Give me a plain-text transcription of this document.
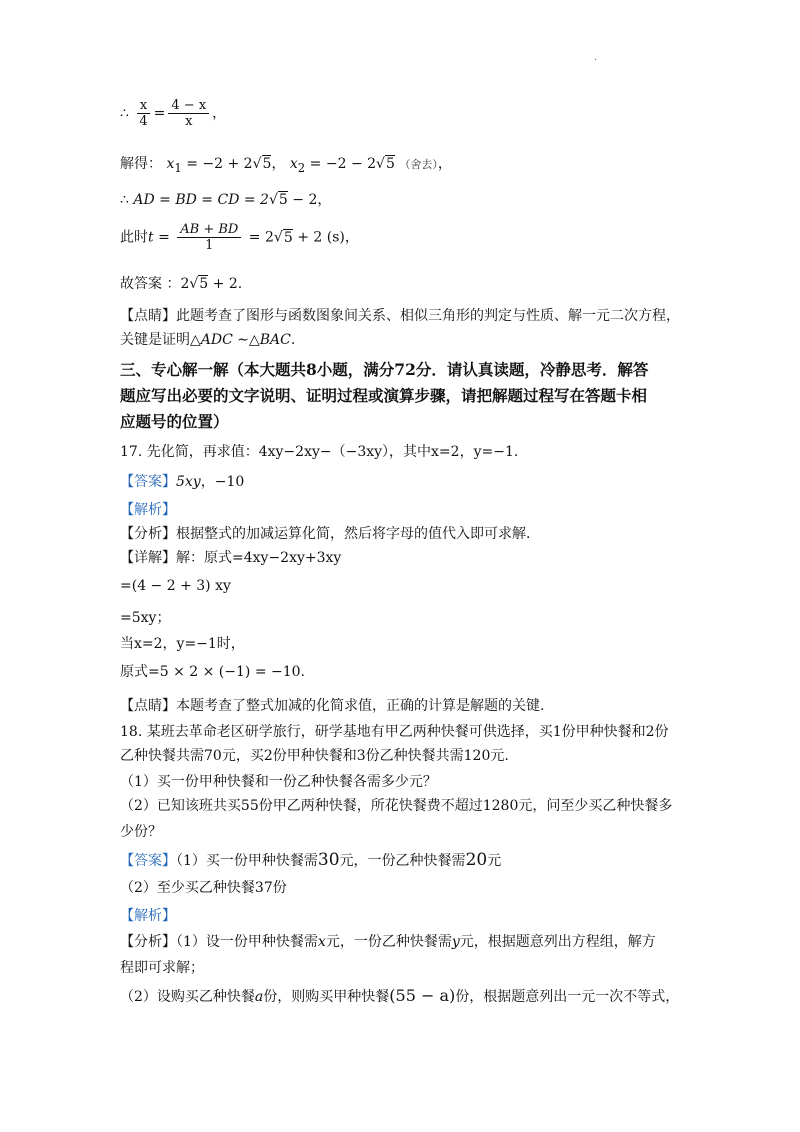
.
∴ $\frac{x}{4} = \frac{4 - x}{x}$ ，
解得： $x_1 = -2 + 2√5$， $x_2 = -2 - 2√5$ （舍去），
∴ AD = BD = CD = 2√5 − 2，
此时$t = \frac{AB + BD}{1} = 2√5 + 2$ (s)，
故答案 ：2√5 + 2.
【点睛】此题考查了图形与函数图象间关系、相似三角形的判定与性质、解一元二次方程，
关键是证明△ADC ∼△BAC.
三、专心解一解（本大题共8小题，满分72分．请认真读题，冷静思考．解答
题应写出必要的文字说明、证明过程或演算步骤，请把解题过程写在答题卡相
应题号的位置）
17. 先化简，再求值：4xy−2xy−（−3xy），其中x=2，y=−1.
【答案】5xy，−10
【解析】
【分析】根据整式的加减运算化简，然后将字母的值代入即可求解.
【详解】解：原式=4xy−2xy+3xy
=(4 − 2 + 3) xy
=5xy；
当x=2，y=−1时，
原式=5 × 2 × (−1) = −10.
【点睛】本题考查了整式加减的化简求值，正确的计算是解题的关键.
18. 某班去革命老区研学旅行，研学基地有甲乙两种快餐可供选择，买1份甲种快餐和2份
乙种快餐共需70元，买2份甲种快餐和3份乙种快餐共需120元.
（1）买一份甲种快餐和一份乙种快餐各需多少元？
（2）已知该班共买55份甲乙两种快餐，所花快餐费不超过1280元，问至少买乙种快餐多
少份？
【答案】（1）买一份甲种快餐需30元，一份乙种快餐需20元
（2）至少买乙种快餐37份
【解析】
【分析】（1）设一份甲种快餐需x元，一份乙种快餐需y元，根据题意列出方程组，解方
程即可求解；
（2）设购买乙种快餐a份，则购买甲种快餐(55 − a)份，根据题意列出一元一次不等式，
